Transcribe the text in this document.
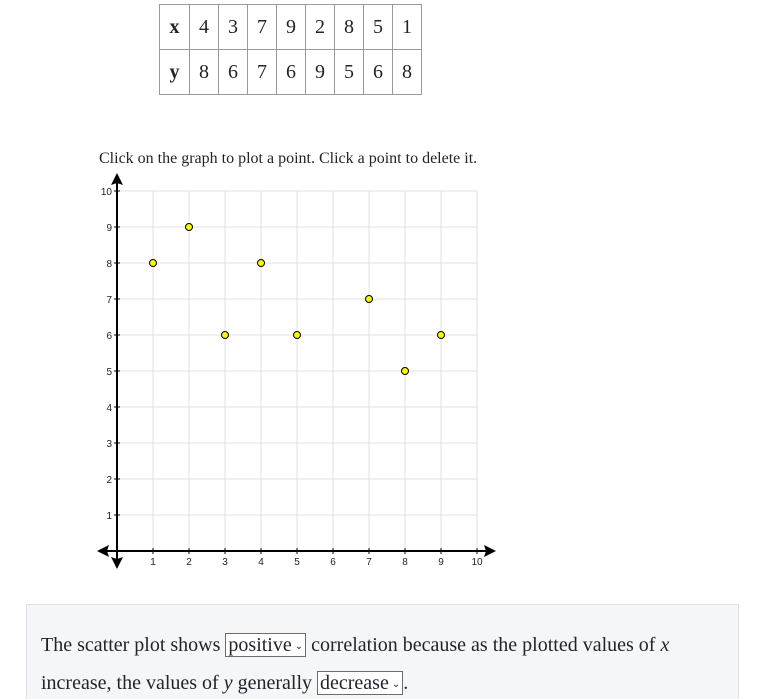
x	4	3	7	9	2	8	5	1
y	8	6	7	6	9	5	6	8
Click on the graph to plot a point. Click a point to delete it.
1	2	3	4	5	6	7	8	9	10
1
2
3
4
5
6
7
8
9
10
The scatter plot shows positive ⌄ correlation because as the plotted values of x
increase, the values of y generally decrease ⌄ .
